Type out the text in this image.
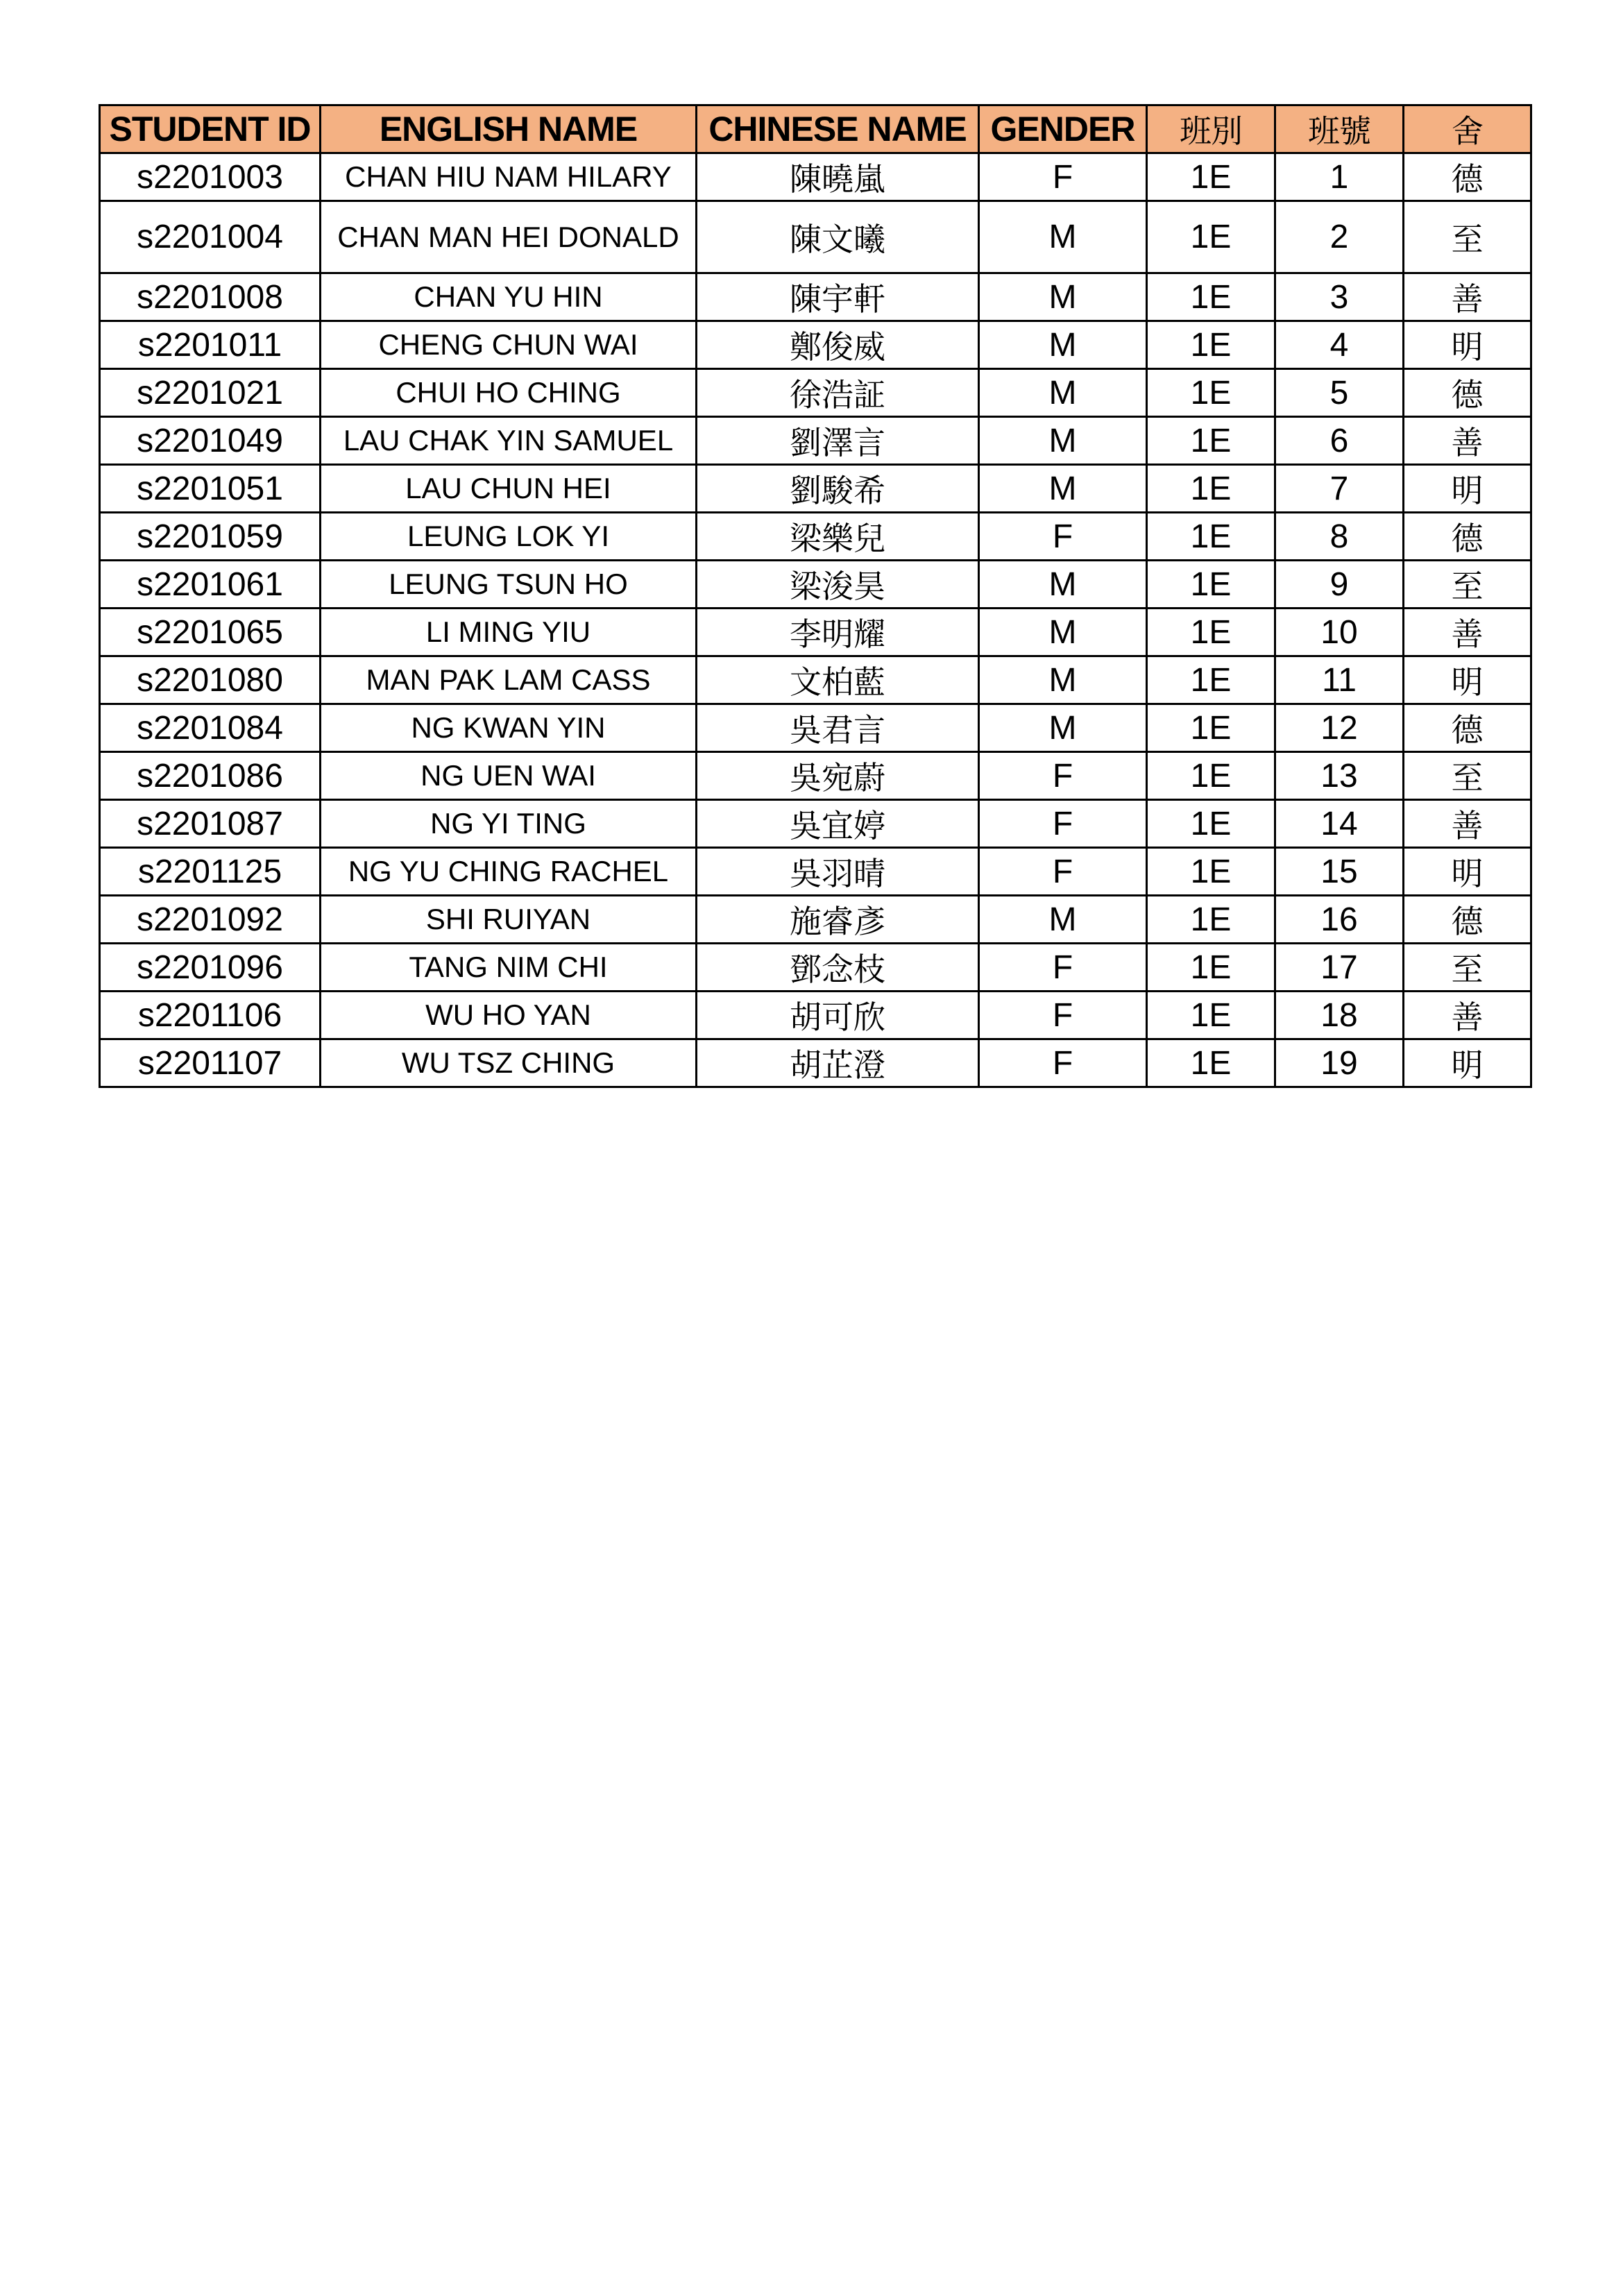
STUDENT ID	ENGLISH NAME	CHINESE NAME	GENDER	班別	班號	舍
s2201003	CHAN HIU NAM HILARY	陳曉嵐	F	1E	1	德
s2201004	CHAN MAN HEI DONALD	陳文曦	M	1E	2	至
s2201008	CHAN YU HIN	陳宇軒	M	1E	3	善
s2201011	CHENG CHUN WAI	鄭俊威	M	1E	4	明
s2201021	CHUI HO CHING	徐浩証	M	1E	5	德
s2201049	LAU CHAK YIN SAMUEL	劉澤言	M	1E	6	善
s2201051	LAU CHUN HEI	劉駿希	M	1E	7	明
s2201059	LEUNG LOK YI	梁樂兒	F	1E	8	德
s2201061	LEUNG TSUN HO	梁浚昊	M	1E	9	至
s2201065	LI MING YIU	李明耀	M	1E	10	善
s2201080	MAN PAK LAM CASS	文柏藍	M	1E	11	明
s2201084	NG KWAN YIN	吳君言	M	1E	12	德
s2201086	NG UEN WAI	吳宛蔚	F	1E	13	至
s2201087	NG YI TING	吳宜婷	F	1E	14	善
s2201125	NG YU CHING RACHEL	吳羽晴	F	1E	15	明
s2201092	SHI RUIYAN	施睿彥	M	1E	16	德
s2201096	TANG NIM CHI	鄧念枝	F	1E	17	至
s2201106	WU HO YAN	胡可欣	F	1E	18	善
s2201107	WU TSZ CHING	胡芷澄	F	1E	19	明
